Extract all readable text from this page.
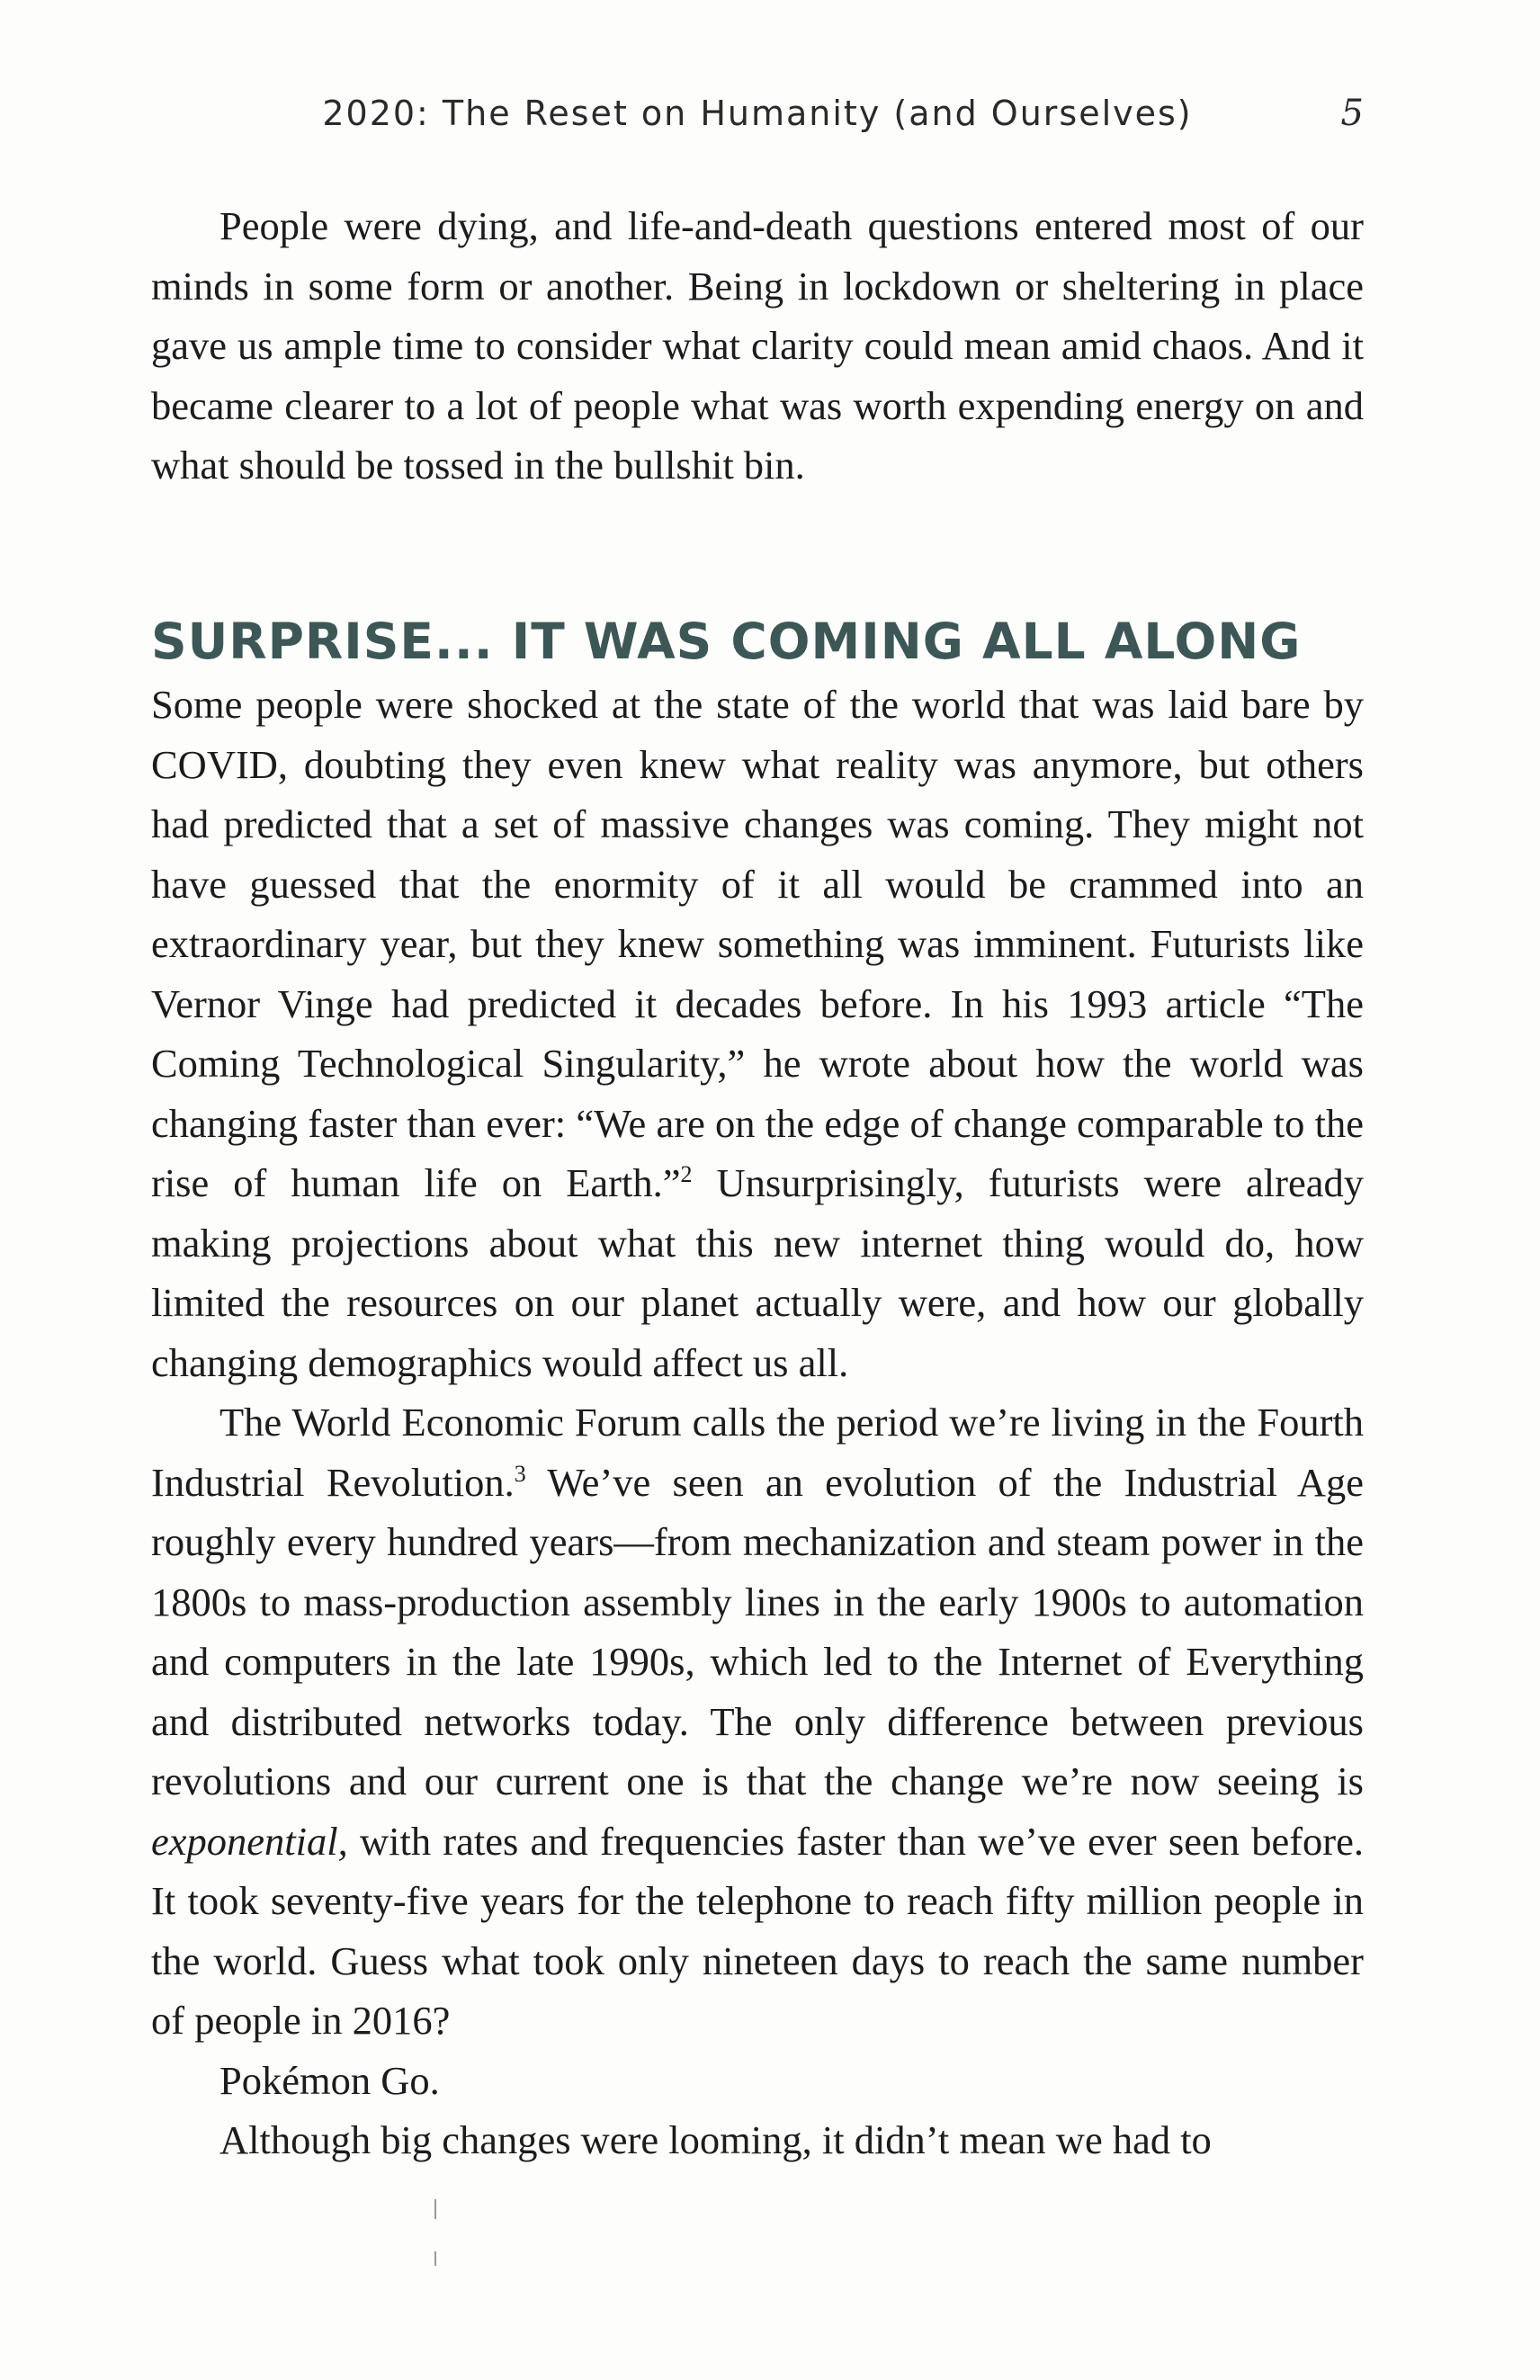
2020: The Reset on Humanity (and Ourselves)	5

People were dying, and life-and-death questions entered most of our minds in some form or another. Being in lockdown or sheltering in place gave us ample time to consider what clarity could mean amid chaos. And it became clearer to a lot of people what was worth expending energy on and what should be tossed in the bullshit bin.

SURPRISE... IT WAS COMING ALL ALONG

Some people were shocked at the state of the world that was laid bare by COVID, doubting they even knew what reality was anymore, but others had predicted that a set of massive changes was coming. They might not have guessed that the enormity of it all would be crammed into an extraordinary year, but they knew something was imminent. Futurists like Vernor Vinge had predicted it decades before. In his 1993 article “The Coming Technological Singularity,” he wrote about how the world was changing faster than ever: “We are on the edge of change comparable to the rise of human life on Earth.”$^2$ Unsurprisingly, futurists were already making projections about what this new internet thing would do, how limited the resources on our planet actually were, and how our globally changing demographics would affect us all.

The World Economic Forum calls the period we’re living in the Fourth Industrial Revolution.$^3$ We’ve seen an evolution of the Industrial Age roughly every hundred years—from mechanization and steam power in the 1800s to mass-production assembly lines in the early 1900s to automation and computers in the late 1990s, which led to the Internet of Everything and distributed networks today. The only difference between previous revolutions and our current one is that the change we’re now seeing is exponential, with rates and frequencies faster than we’ve ever seen before. It took seventy-five years for the telephone to reach fifty million people in the world. Guess what took only nineteen days to reach the same number of people in 2016?

Pokémon Go.

Although big changes were looming, it didn’t mean we had to
